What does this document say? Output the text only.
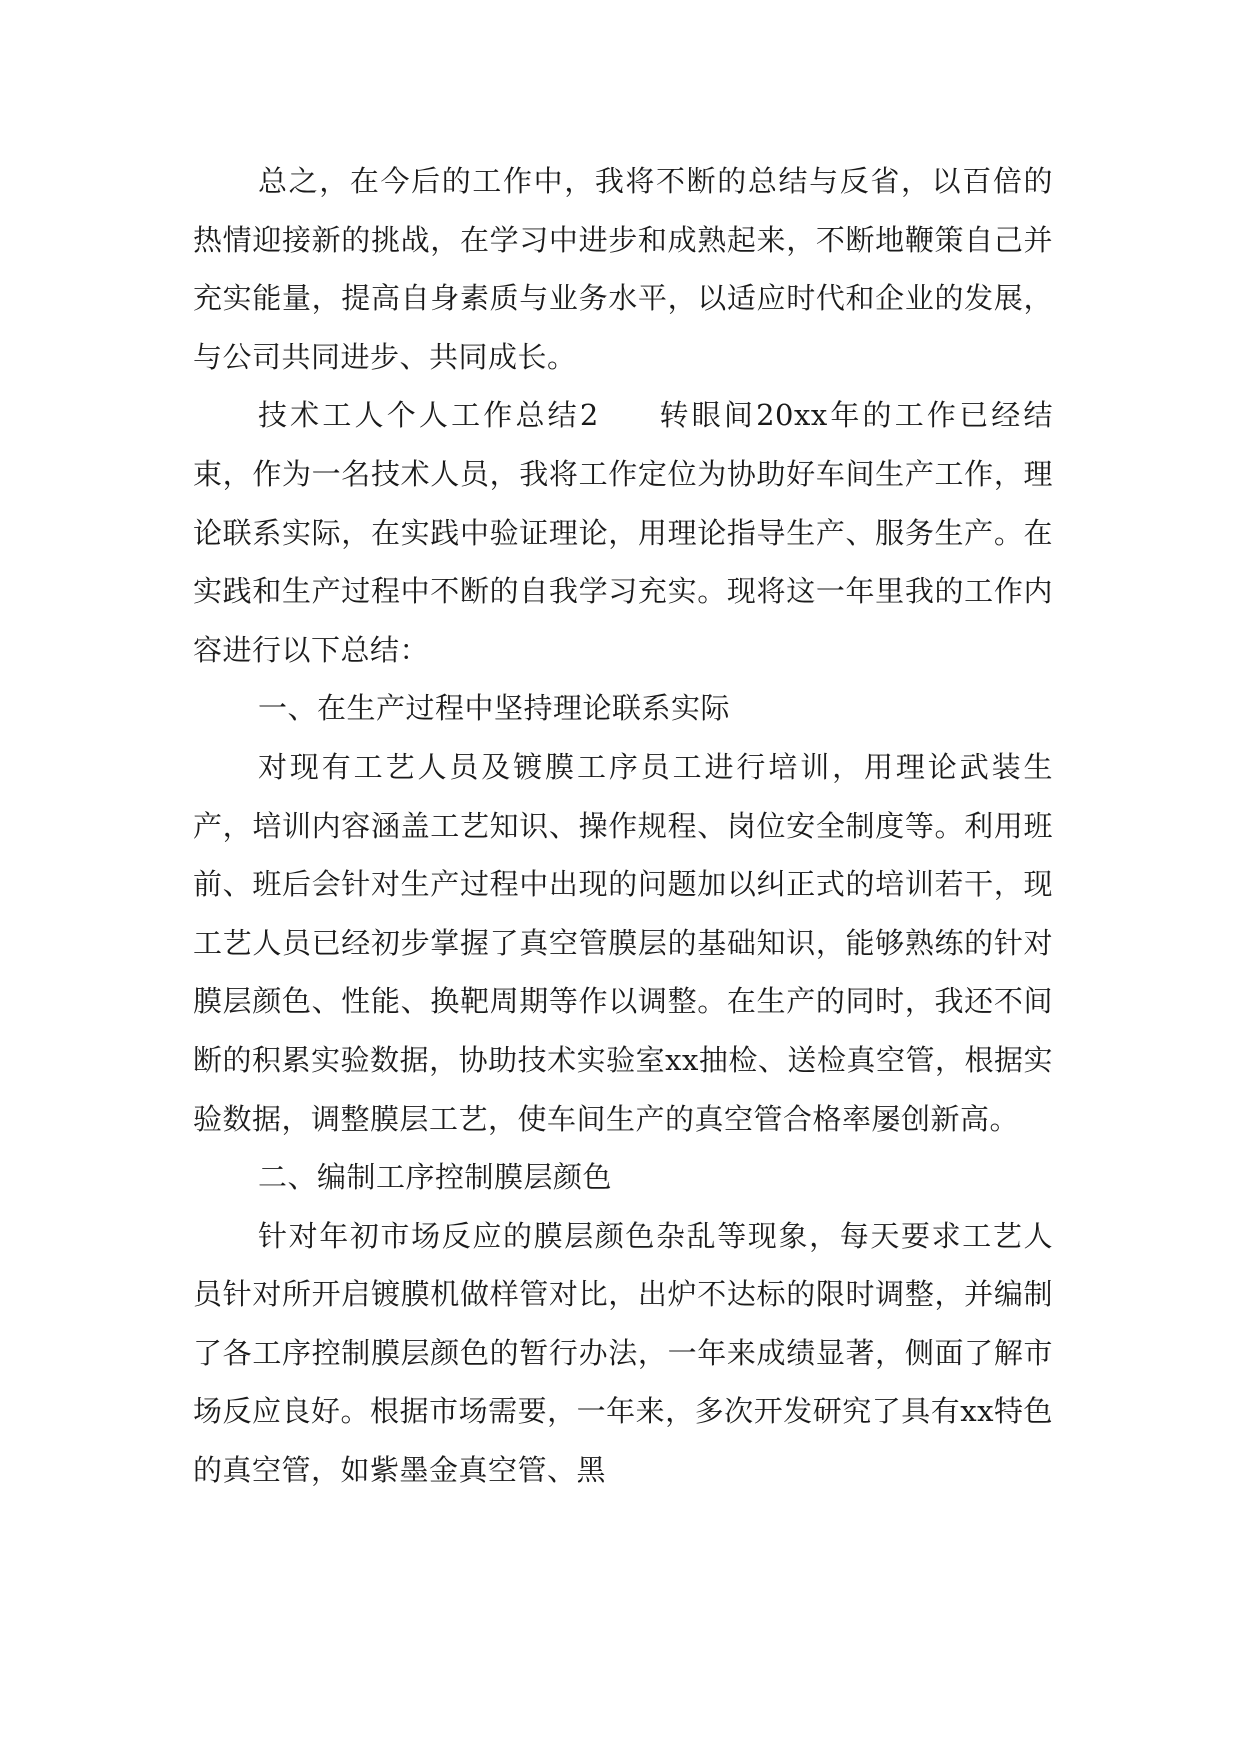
总之，在今后的工作中，我将不断的总结与反省，以百倍的热情迎接新的挑战，在学习中进步和成熟起来，不断地鞭策自己并充实能量，提高自身素质与业务水平，以适应时代和企业的发展，与公司共同进步、共同成长。

技术工人个人工作总结2 转眼间20xx年的工作已经结束，作为一名技术人员，我将工作定位为协助好车间生产工作，理论联系实际，在实践中验证理论，用理论指导生产、服务生产。在实践和生产过程中不断的自我学习充实。现将这一年里我的工作内容进行以下总结：

一、在生产过程中坚持理论联系实际

对现有工艺人员及镀膜工序员工进行培训，用理论武装生产，培训内容涵盖工艺知识、操作规程、岗位安全制度等。利用班前、班后会针对生产过程中出现的问题加以纠正式的培训若干，现工艺人员已经初步掌握了真空管膜层的基础知识，能够熟练的针对膜层颜色、性能、换靶周期等作以调整。在生产的同时，我还不间断的积累实验数据，协助技术实验室xx抽检、送检真空管，根据实验数据，调整膜层工艺，使车间生产的真空管合格率屡创新高。

二、编制工序控制膜层颜色

针对年初市场反应的膜层颜色杂乱等现象，每天要求工艺人员针对所开启镀膜机做样管对比，出炉不达标的限时调整，并编制了各工序控制膜层颜色的暂行办法，一年来成绩显著，侧面了解市场反应良好。根据市场需要，一年来，多次开发研究了具有xx特色的真空管，如紫墨金真空管、黑
